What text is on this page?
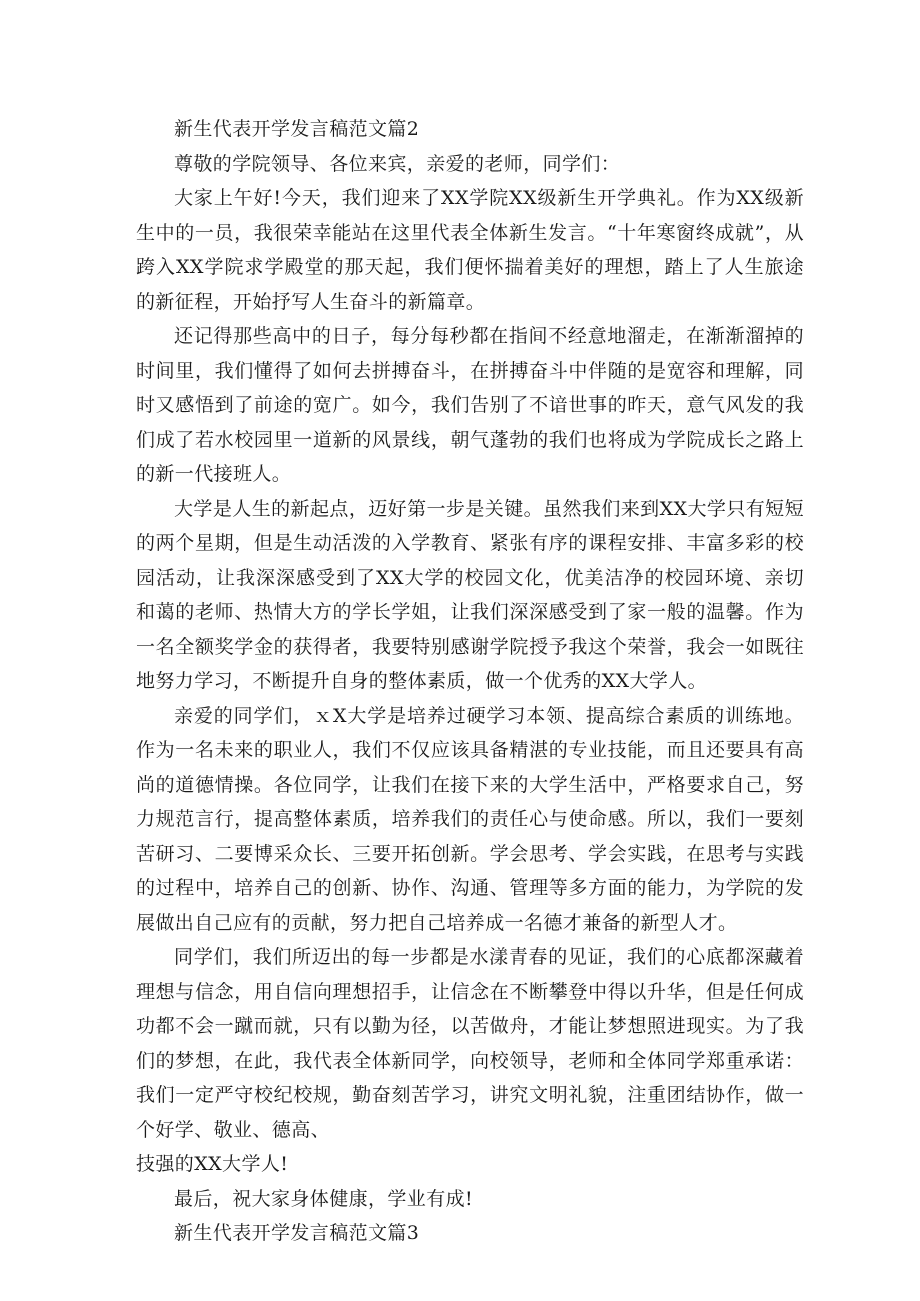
新生代表开学发言稿范文篇2

尊敬的学院领导、各位来宾，亲爱的老师，同学们：

大家上午好!今天，我们迎来了XX学院XX级新生开学典礼。作为XX级新生中的一员，我很荣幸能站在这里代表全体新生发言。“十年寒窗终成就”，从跨入XX学院求学殿堂的那天起，我们便怀揣着美好的理想，踏上了人生旅途的新征程，开始抒写人生奋斗的新篇章。

还记得那些高中的日子，每分每秒都在指间不经意地溜走，在渐渐溜掉的时间里，我们懂得了如何去拼搏奋斗，在拼搏奋斗中伴随的是宽容和理解，同时又感悟到了前途的宽广。如今，我们告别了不谙世事的昨天，意气风发的我们成了若水校园里一道新的风景线，朝气蓬勃的我们也将成为学院成长之路上的新一代接班人。

大学是人生的新起点，迈好第一步是关键。虽然我们来到XX大学只有短短的两个星期，但是生动活泼的入学教育、紧张有序的课程安排、丰富多彩的校园活动，让我深深感受到了XX大学的校园文化，优美洁净的校园环境、亲切和蔼的老师、热情大方的学长学姐，让我们深深感受到了家一般的温馨。作为一名全额奖学金的获得者，我要特别感谢学院授予我这个荣誉，我会一如既往地努力学习，不断提升自身的整体素质，做一个优秀的XX大学人。

亲爱的同学们，ｘX大学是培养过硬学习本领、提高综合素质的训练地。作为一名未来的职业人，我们不仅应该具备精湛的专业技能，而且还要具有高尚的道德情操。各位同学，让我们在接下来的大学生活中，严格要求自己，努力规范言行，提高整体素质，培养我们的责任心与使命感。所以，我们一要刻苦研习、二要博采众长、三要开拓创新。学会思考、学会实践，在思考与实践的过程中，培养自己的创新、协作、沟通、管理等多方面的能力，为学院的发展做出自己应有的贡献，努力把自己培养成一名德才兼备的新型人才。

同学们，我们所迈出的每一步都是水漾青春的见证，我们的心底都深藏着理想与信念，用自信向理想招手，让信念在不断攀登中得以升华，但是任何成功都不会一蹴而就，只有以勤为径，以苦做舟，才能让梦想照进现实。为了我们的梦想，在此，我代表全体新同学，向校领导，老师和全体同学郑重承诺：我们一定严守校纪校规，勤奋刻苦学习，讲究文明礼貌，注重团结协作，做一个好学、敬业、德高、

技强的XX大学人!

最后，祝大家身体健康，学业有成!

新生代表开学发言稿范文篇3
